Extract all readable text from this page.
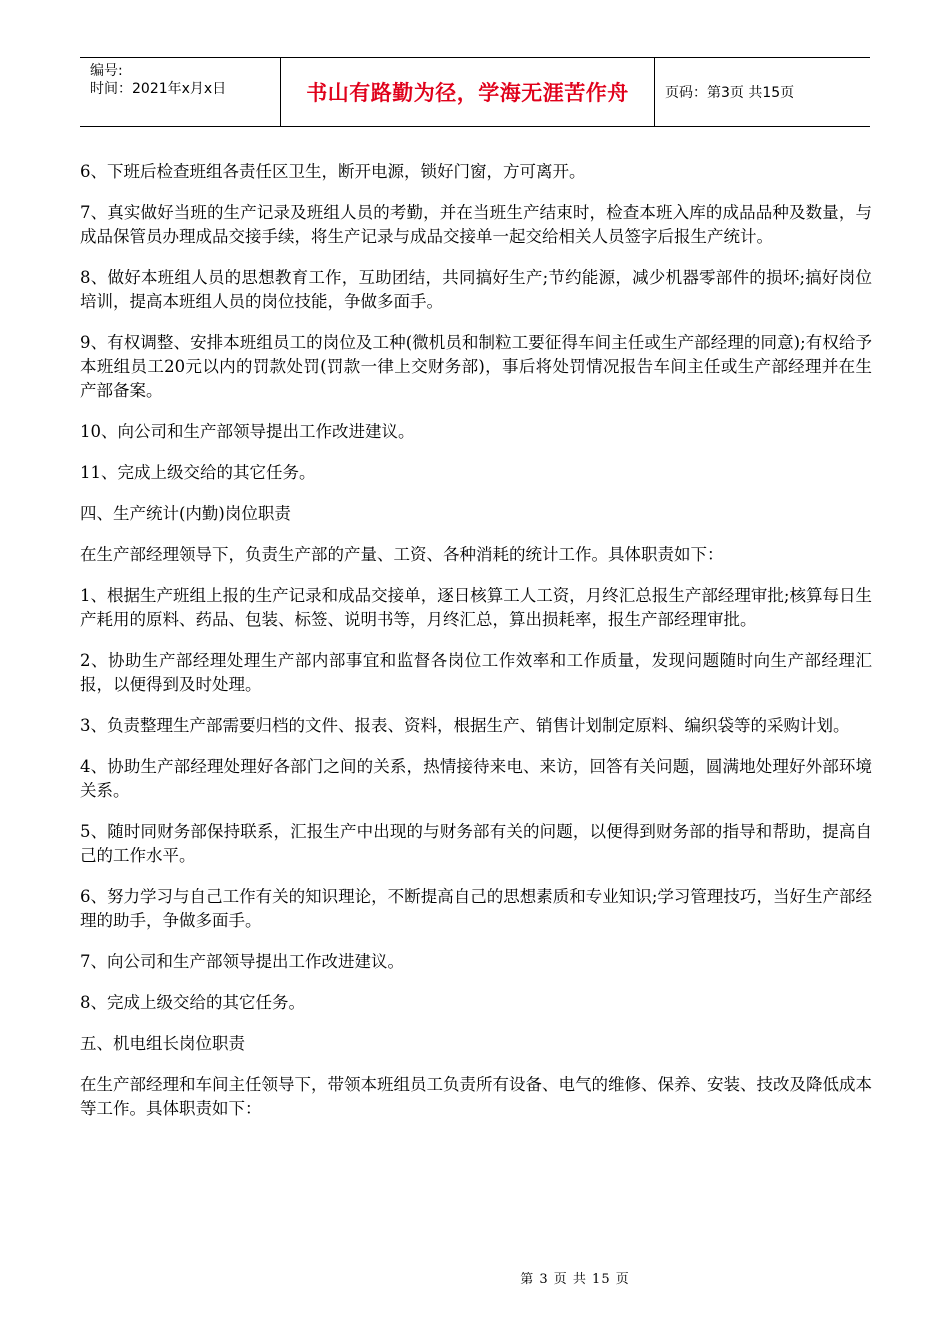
编号:
时间：2021年x月x日	书山有路勤为径，学海无涯苦作舟	页码：第3页 共15页

6、下班后检查班组各责任区卫生，断开电源，锁好门窗，方可离开。

7、真实做好当班的生产记录及班组人员的考勤，并在当班生产结束时，检查本班入库的成品品种及数量，与成品保管员办理成品交接手续，将生产记录与成品交接单一起交给相关人员签字后报生产统计。

8、做好本班组人员的思想教育工作，互助团结，共同搞好生产;节约能源，减少机器零部件的损坏;搞好岗位培训，提高本班组人员的岗位技能，争做多面手。

9、有权调整、安排本班组员工的岗位及工种(微机员和制粒工要征得车间主任或生产部经理的同意);有权给予本班组员工20元以内的罚款处罚(罚款一律上交财务部)，事后将处罚情况报告车间主任或生产部经理并在生产部备案。

10、向公司和生产部领导提出工作改进建议。

11、完成上级交给的其它任务。

四、生产统计(内勤)岗位职责

在生产部经理领导下，负责生产部的产量、工资、各种消耗的统计工作。具体职责如下：

1、根据生产班组上报的生产记录和成品交接单，逐日核算工人工资，月终汇总报生产部经理审批;核算每日生产耗用的原料、药品、包装、标签、说明书等，月终汇总，算出损耗率，报生产部经理审批。

2、协助生产部经理处理生产部内部事宜和监督各岗位工作效率和工作质量，发现问题随时向生产部经理汇报，以便得到及时处理。

3、负责整理生产部需要归档的文件、报表、资料，根据生产、销售计划制定原料、编织袋等的采购计划。

4、协助生产部经理处理好各部门之间的关系，热情接待来电、来访，回答有关问题，圆满地处理好外部环境关系。

5、随时同财务部保持联系，汇报生产中出现的与财务部有关的问题，以便得到财务部的指导和帮助，提高自己的工作水平。

6、努力学习与自己工作有关的知识理论，不断提高自己的思想素质和专业知识;学习管理技巧，当好生产部经理的助手，争做多面手。

7、向公司和生产部领导提出工作改进建议。

8、完成上级交给的其它任务。

五、机电组长岗位职责

在生产部经理和车间主任领导下，带领本班组员工负责所有设备、电气的维修、保养、安装、技改及降低成本等工作。具体职责如下：

第 3 页 共 15 页
